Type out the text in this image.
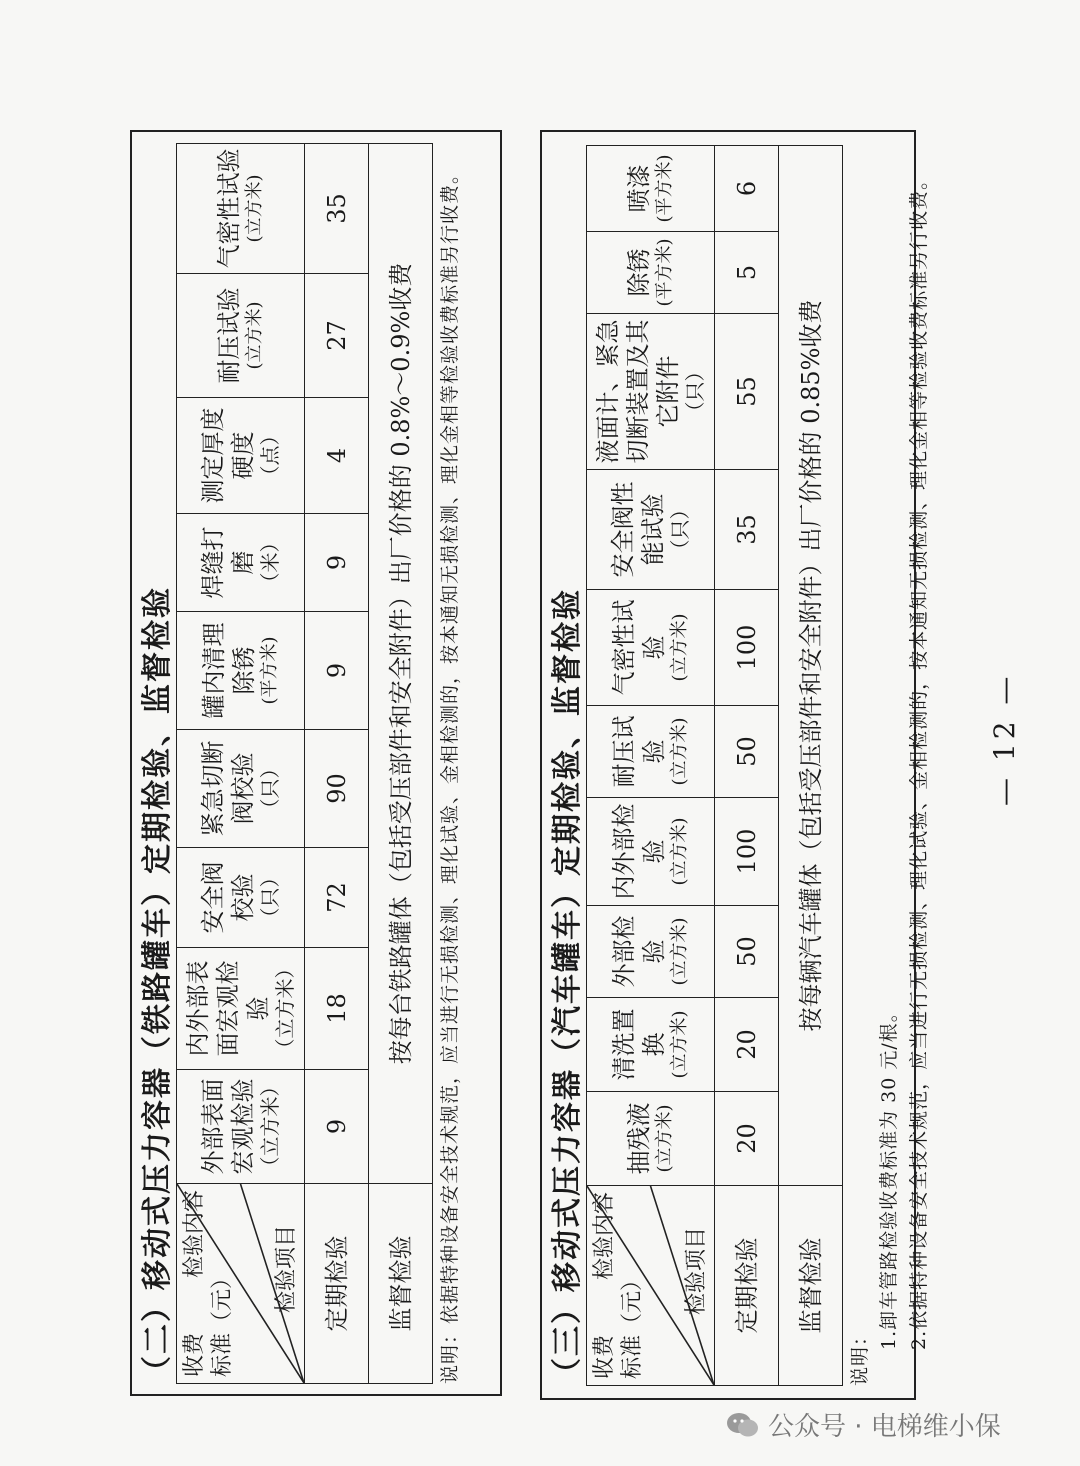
（二）移动式压力容器（铁路罐车）定期检验、监督检验 检验内容
收费 标准（元） 检验项目	外部表面宏观检验 （立方米）	内外部表面宏观检验 （立方米）	安全阀校验 （只）	紧急切断阀校验 （只）	罐内清理除锈 (平方米)	焊缝打磨 （米）	测定厚度硬度 （点）	耐压试验 (立方米)	气密性试验 (立方米)

定期检验	9	18	72	90	9	9	4	27	35
监督检验	按每台铁路罐体（包括受压部件和安全附件）出厂价格的 0.8%～0.9%收费								说明：依据特种设备安全技术规范，应当进行无损检测、理化试验、金相检测的，按本通知无损检测、理化金相等检验收费标准另行收费。	（三）移动式压力容器（汽车罐车）定期检验、监督检验 检验内容
收费 标准（元） 检验项目	抽残液 (立方米)	清洗置换 (立方米)	外部检验 (立方米)	内外部检验 (立方米)	耐压试验 (立方米)	气密性试验 (立方米)	安全阀性能试验 （只）	液面计、紧急切断装置及其它附件 （只）	除锈 (平方米)	喷漆 (平方米)

定期检验	20	20	50	100	50	100	35	55	5	6
监督检验	按每辆汽车罐体（包括受压部件和安全附件）出厂价格的 0.85%收费									
说明：
1.卸车管路检验收费标准为 30 元/根。 2.依据特种设备安全技术规范，应当进行无损检测、理化试验、金相检测的，按本通知无损检测、理化金相等检验收费标准另行收费。 — 12 —
公众号 · 电梯维小保
